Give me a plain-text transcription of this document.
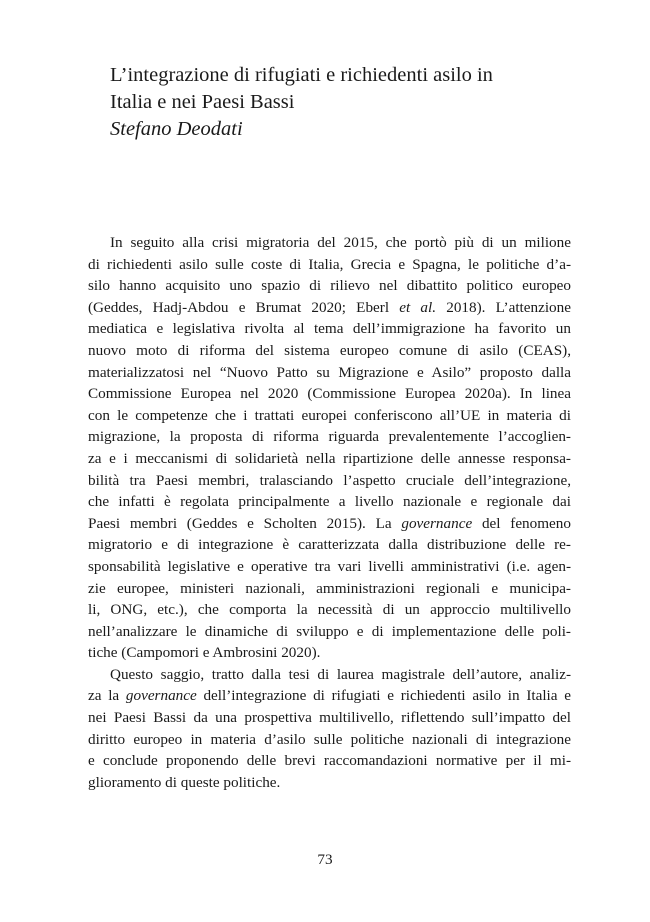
L’integrazione di rifugiati e richiedenti asilo in

Italia e nei Paesi Bassi

Stefano Deodati

In seguito alla crisi migratoria del 2015, che portò più di un milione
di richiedenti asilo sulle coste di Italia, Grecia e Spagna, le politiche d’a-
silo hanno acquisito uno spazio di rilievo nel dibattito politico europeo
(Geddes, Hadj-Abdou e Brumat 2020; Eberl et al. 2018). L’attenzione
mediatica e legislativa rivolta al tema dell’immigrazione ha favorito un
nuovo moto di riforma del sistema europeo comune di asilo (CEAS),
materializzatosi nel “Nuovo Patto su Migrazione e Asilo” proposto dalla
Commissione Europea nel 2020 (Commissione Europea 2020a). In linea
con le competenze che i trattati europei conferiscono all’UE in materia di
migrazione, la proposta di riforma riguarda prevalentemente l’accoglien-
za e i meccanismi di solidarietà nella ripartizione delle annesse responsa-
bilità tra Paesi membri, tralasciando l’aspetto cruciale dell’integrazione,
che infatti è regolata principalmente a livello nazionale e regionale dai
Paesi membri (Geddes e Scholten 2015). La governance del fenomeno
migratorio e di integrazione è caratterizzata dalla distribuzione delle re-
sponsabilità legislative e operative tra vari livelli amministrativi (i.e. agen-
zie europee, ministeri nazionali, amministrazioni regionali e municipa-
li, ONG, etc.), che comporta la necessità di un approccio multilivello
nell’analizzare le dinamiche di sviluppo e di implementazione delle poli-
tiche (Campomori e Ambrosini 2020).
Questo saggio, tratto dalla tesi di laurea magistrale dell’autore, analiz-
za la governance dell’integrazione di rifugiati e richiedenti asilo in Italia e
nei Paesi Bassi da una prospettiva multilivello, riflettendo sull’impatto del
diritto europeo in materia d’asilo sulle politiche nazionali di integrazione
e conclude proponendo delle brevi raccomandazioni normative per il mi-
glioramento di queste politiche.
73
